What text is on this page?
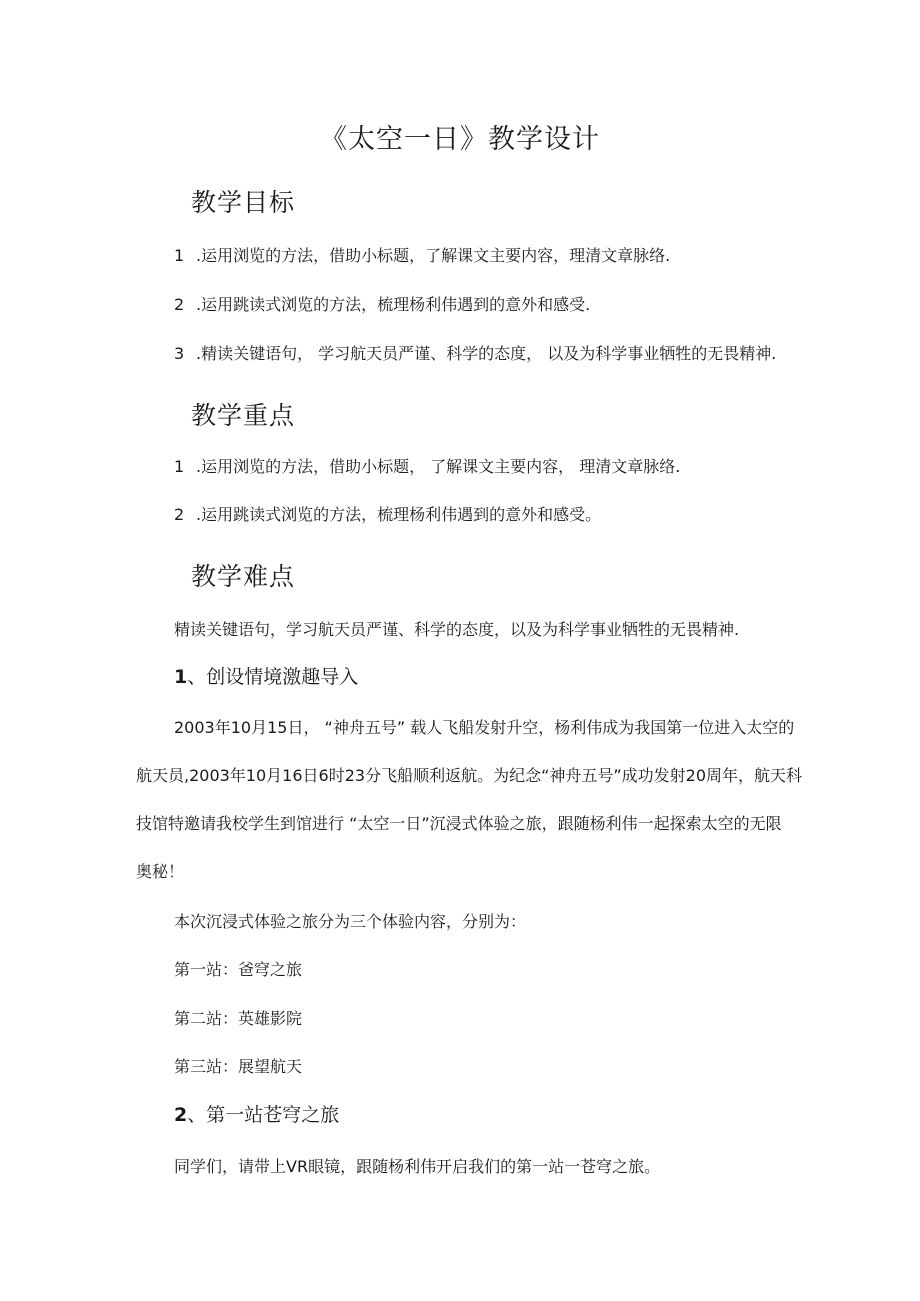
《太空一日》教学设计
教学目标
1 .运用浏览的方法，借助小标题，了解课文主要内容，理清文章脉络.
2 .运用跳读式浏览的方法，梳理杨利伟遇到的意外和感受.
3 .精读关键语句， 学习航天员严谨、科学的态度， 以及为科学事业牺牲的无畏精神.
教学重点
1 .运用浏览的方法，借助小标题， 了解课文主要内容， 理清文章脉络.
2 .运用跳读式浏览的方法，梳理杨利伟遇到的意外和感受。
教学难点
精读关键语句，学习航天员严谨、科学的态度，以及为科学事业牺牲的无畏精神.
1、创设情境激趣导入
2003年10月15日， “神舟五号” 载人飞船发射升空，杨利伟成为我国第一位进入太空的
航天员,2003年10月16日6时23分飞船顺利返航。为纪念“神舟五号”成功发射20周年，航天科
技馆特邀请我校学生到馆进行 “太空一日”沉浸式体验之旅，跟随杨利伟一起探索太空的无限
奥秘！
本次沉浸式体验之旅分为三个体验内容，分别为：
第一站：爸穹之旅
第二站：英雄影院
第三站：展望航天
2、第一站苍穹之旅
同学们，请带上VR眼镜，跟随杨利伟开启我们的第一站一苍穹之旅。
